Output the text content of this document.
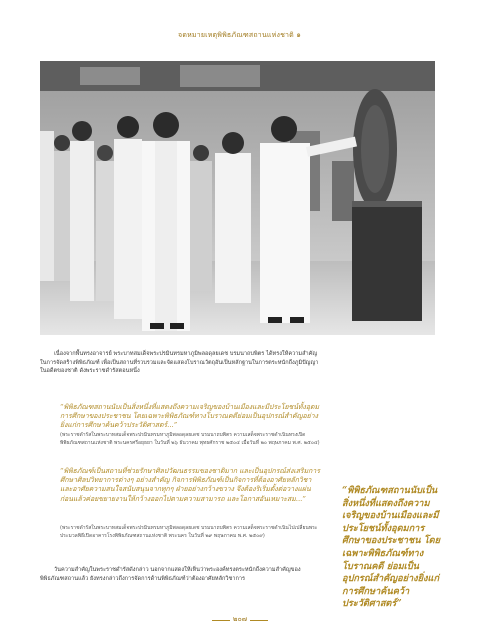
จดหมายเหตุพิพิธภัณฑสถานแห่งชาติ ๑

เนื่องจากพื้นทรงอาจารย์ พระบาทสมเด็จพระปรมินทรมหาภูมิพลอดุลยเดช บรมนาถบพิตร ได้ทรงให้ความสำคัญในการจัดสร้างพิพิธภัณฑ์ เพื่อเป็นสถานที่รวบรวมและจัดแสดงโบราณวัตถุอันเป็นหลักฐานในการตระหนักถึงภูมิปัญญาในอดีตของชาติ ดังพระราชดำรัสตอนหนึ่ง

“พิพิธภัณฑสถานนับเป็นสิ่งหนึ่งที่แสดงถึงความเจริญของบ้านเมืองและมีประโยชน์ทั้งอุดมการศึกษาของประชาชน โดยเฉพาะพิพิธภัณฑ์ทางโบราณคดีย่อมเป็นอุปกรณ์สำคัญอย่างยิ่งแก่การศึกษาค้นคว้าประวัติศาสตร์...”

(พระราชดำรัสในพระบาทสมเด็จพระปรมินทรมหาภูมิพลอดุลยเดช บรมนาถบพิตร ความเสด็จพระราชดำเนินทรงเปิดพิพิธภัณฑสถานแห่งชาติ พระนครศรีอยุธยา ในวันที่ ๒๖ ธันวาคม พุทธศักราช ๒๕๐๔ เมื่อวันที่ ๒๐ พฤษภาคม พ.ศ. ๒๕๐๔)

“พิพิธภัณฑ์เป็นสถานที่ช่วยรักษาศิลปวัฒนธรรมของชาติมาก และเป็นอุปกรณ์ส่งเสริมการศึกษาศิลปวิทยาการต่างๆ อย่างสำคัญ กิจการพิพิธภัณฑ์เป็นกิจการที่ต้องอาศัยหลักวิชา และอาศัยความสนใจสนับสนุนจากทุกๆ ฝ่ายอย่างกว้างขวาง จึงต้องริเริ่มตั้งต่อวางแผ่นก่อนแล้วค่อยขยายงานให้กว้างออกไปตามความสามารถ และโอกาสอันเหมาะสม...”

(พระราชดำรัสในพระบาทสมเด็จพระปรมินทรมหาภูมิพลอดุลยเดช บรมนาถบพิตร ความเสด็จพระราชดำเนินไปเปลี่ยนพระประมวลพิธีเปิดอาคารโรงพิพิธภัณฑสถานแห่งชาติ พระนคร ในวันที่ ๒๙ พฤษภาคม พ.ศ. ๒๕๐๙)

วันความสำคัญในพระราชดำรัสดังกล่าว นอกจากแสดงให้เห็นว่าพระองค์ทรงตระหนักถึงความสำคัญของพิพิธภัณฑสถานแล้ว ยังทรงกล่าวถึงการจัดการด้านพิพิธภัณฑ์ว่าต้องอาศัยหลักวิชาการ

“พิพิธภัณฑสถานนับเป็นสิ่งหนึ่งที่แสดงถึงความเจริญของบ้านเมืองและมีประโยชน์ทั้งอุดมการศึกษาของประชาชน โดยเฉพาะพิพิธภัณฑ์ทางโบราณคดี ย่อมเป็นอุปกรณ์สำคัญอย่างยิ่งแก่การศึกษาค้นคว้าประวัติศาสตร์”

๒๐๗
